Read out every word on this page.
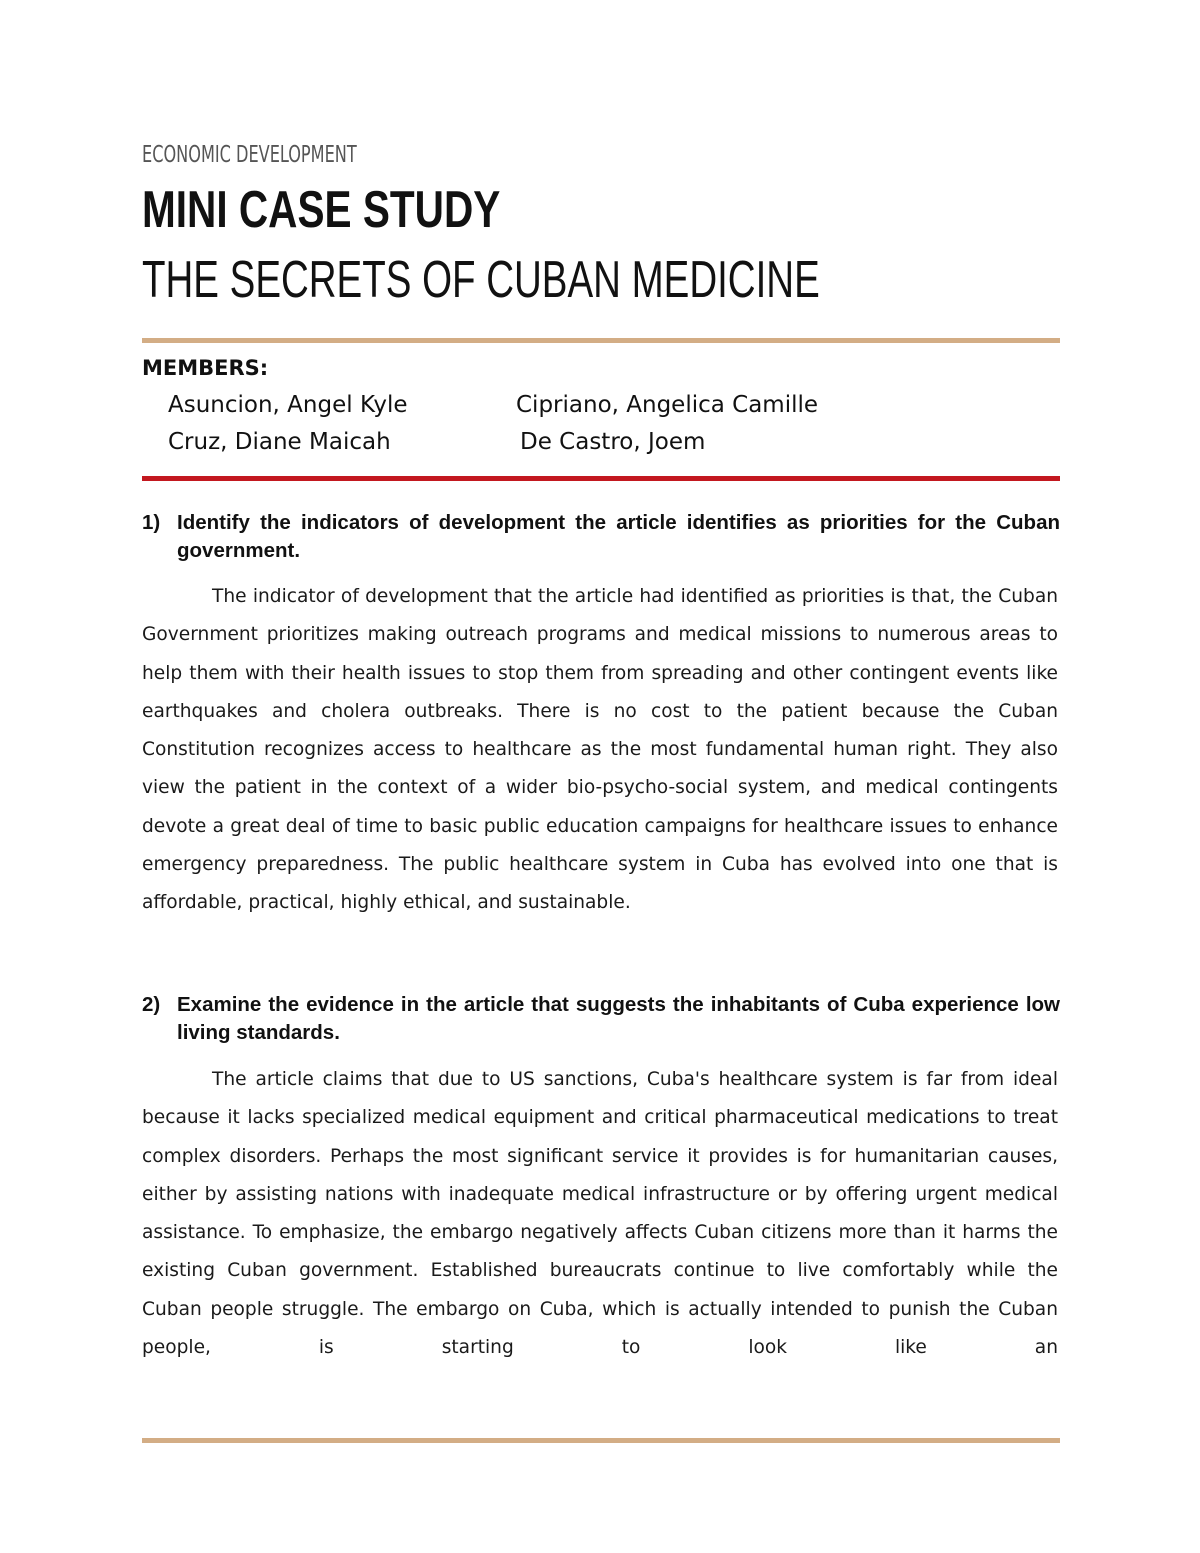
ECONOMIC DEVELOPMENT
MINI CASE STUDY
THE SECRETS OF CUBAN MEDICINE
MEMBERS:
Asuncion, Angel Kyle	Cipriano, Angelica Camille
Cruz, Diane Maicah	De Castro, Joem
1) Identify the indicators of development the article identifies as priorities for the Cuban government.

The indicator of development that the article had identified as priorities is that, the Cuban Government prioritizes making outreach programs and medical missions to numerous areas to help them with their health issues to stop them from spreading and other contingent events like earthquakes and cholera outbreaks. There is no cost to the patient because the Cuban Constitution recognizes access to healthcare as the most fundamental human right. They also view the patient in the context of a wider bio-psycho-social system, and medical contingents devote a great deal of time to basic public education campaigns for healthcare issues to enhance emergency preparedness. The public healthcare system in Cuba has evolved into one that is affordable, practical, highly ethical, and sustainable.

2) Examine the evidence in the article that suggests the inhabitants of Cuba experience low living standards.

The article claims that due to US sanctions, Cuba's healthcare system is far from ideal because it lacks specialized medical equipment and critical pharmaceutical medications to treat complex disorders. Perhaps the most significant service it provides is for humanitarian causes, either by assisting nations with inadequate medical infrastructure or by offering urgent medical assistance. To emphasize, the embargo negatively affects Cuban citizens more than it harms the existing Cuban government. Established bureaucrats continue to live comfortably while the Cuban people struggle. The embargo on Cuba, which is actually intended to punish the Cuban people, is starting to look like an
